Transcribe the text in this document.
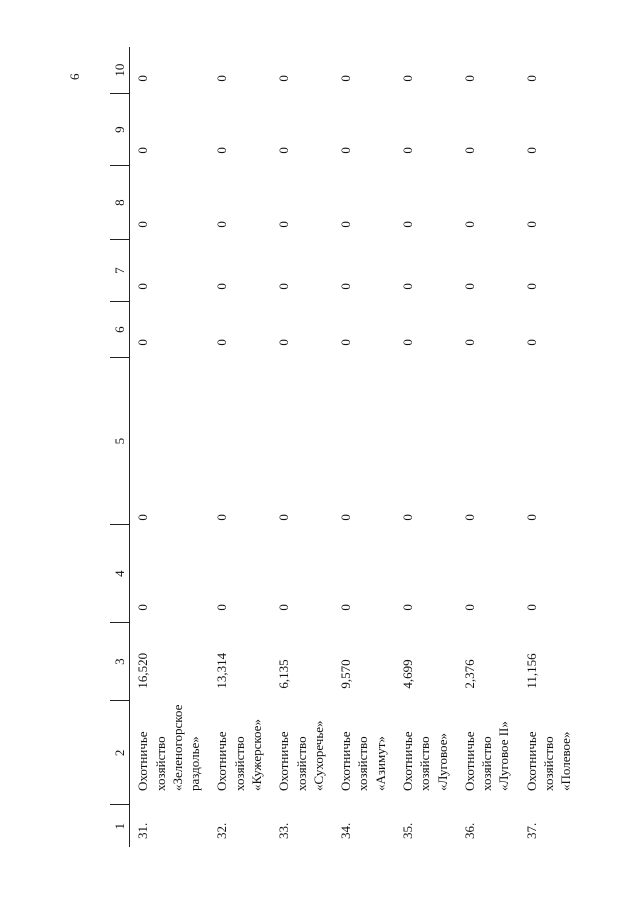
6
1	2	3	4	5	6	7	8	9	10
31.	Охотничье хозяйство «Зеленогорское раздолье»	16,520	0	0	0	0	0	0	0
32.	Охотничье хозяйство «Кужерское»	13,314	0	0	0	0	0	0	0
33.	Охотничье хозяйство «Сухоречье»	6,135	0	0	0	0	0	0	0
34.	Охотничье хозяйство «Азимут»	9,570	0	0	0	0	0	0	0
35.	Охотничье хозяйство «Луговое»	4,699	0	0	0	0	0	0	0
36.	Охотничье хозяйство «Луговое II»	2,376	0	0	0	0	0	0	0
37.	Охотничье хозяйство «Полевое»	11,156	0	0	0	0	0	0	0
